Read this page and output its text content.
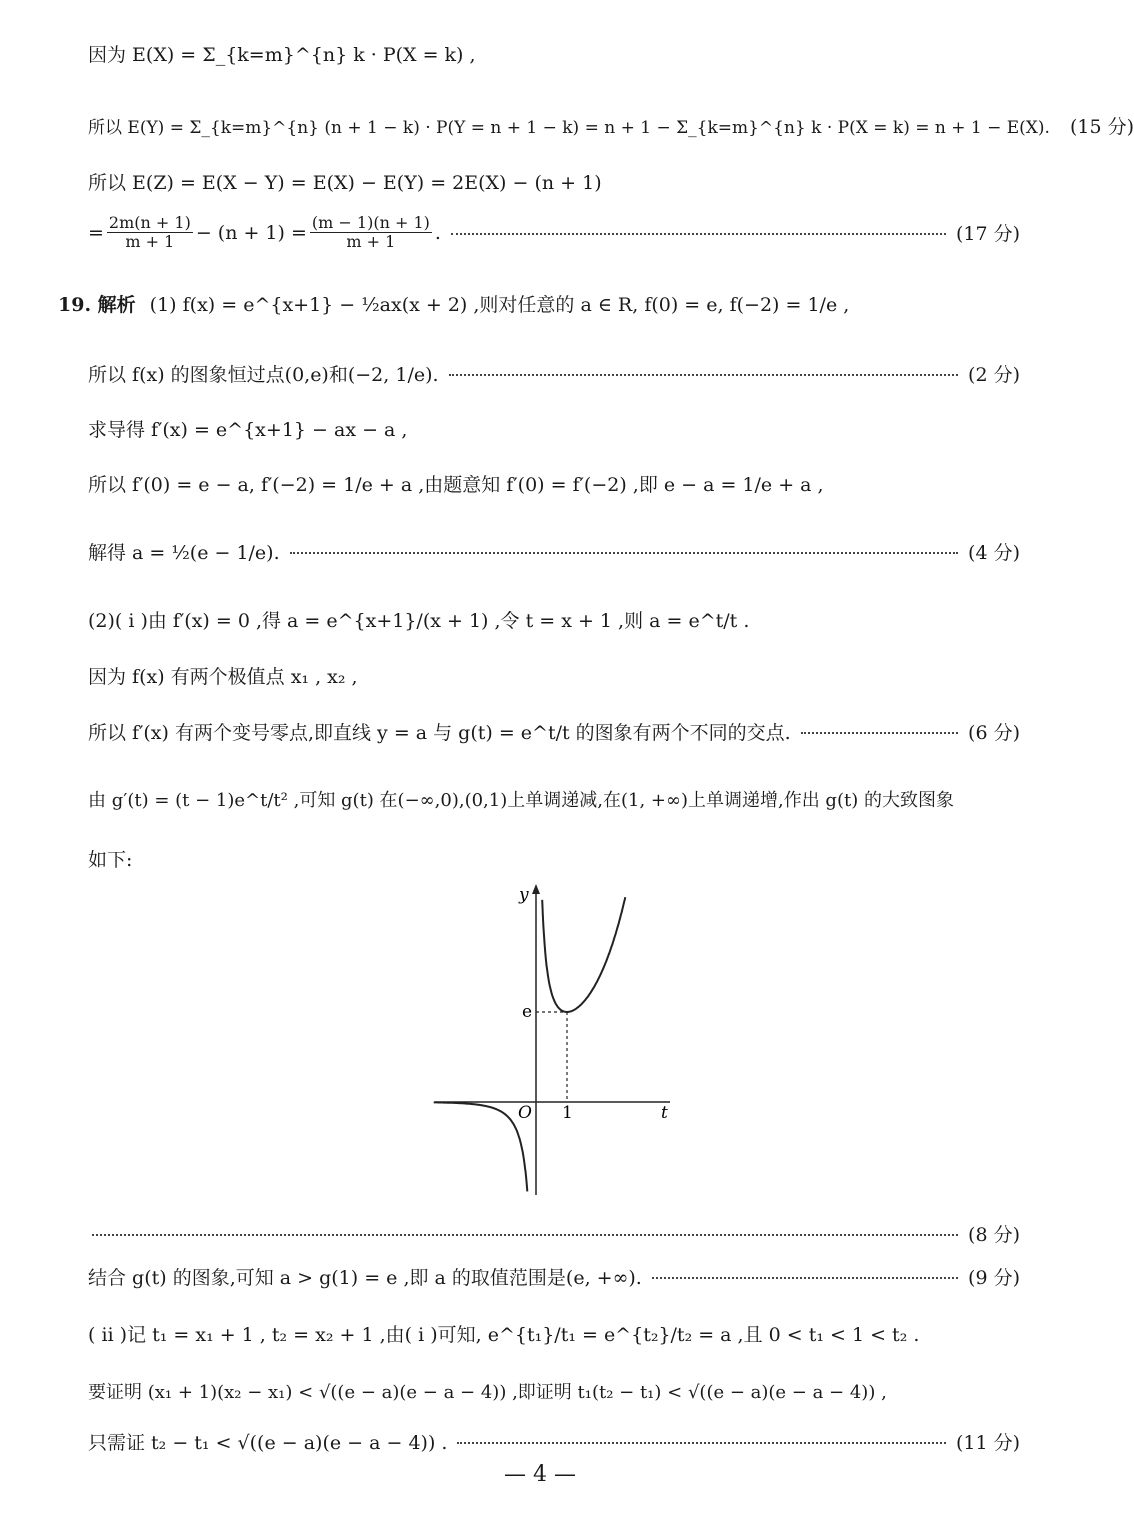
因为 E(X) = Σ_{k=m}^{n} k · P(X = k) ,
所以 E(Y) = Σ_{k=m}^{n} (n + 1 − k) · P(Y = n + 1 − k) = n + 1 − Σ_{k=m}^{n} k · P(X = k) = n + 1 − E(X). (15 分)
所以 E(Z) = E(X − Y) = E(X) − E(Y) = 2E(X) − (n + 1)
= $\frac{2m(n + 1)}{m + 1} - (n + 1) = \frac{(m - 1)(n + 1)}{m + 1}$ .	(17 分)
19. 解析 (1) f(x) = e^{x+1} − ½ax(x + 2) ,则对任意的 a ∈ R, f(0) = e, f(−2) = 1/e ,
所以 f(x) 的图象恒过点(0,e)和(−2, 1/e).	(2 分)
求导得 f′(x) = e^{x+1} − ax − a ,
所以 f′(0) = e − a, f′(−2) = 1/e + a ,由题意知 f′(0) = f′(−2) ,即 e − a = 1/e + a ,
解得 a = ½(e − 1/e).	(4 分)
(2)( ⅰ )由 f′(x) = 0 ,得 a = e^{x+1}/(x + 1) ,令 t = x + 1 ,则 a = e^t/t .
因为 f(x) 有两个极值点 x₁ , x₂ ,
所以 f′(x) 有两个变号零点,即直线 y = a 与 g(t) = e^t/t 的图象有两个不同的交点.	(6 分)
由 g′(t) = (t − 1)e^t/t² ,可知 g(t) 在(−∞,0),(0,1)上单调递减,在(1, +∞)上单调递增,作出 g(t) 的大致图象
如下:
y
t
O
e
1
(8 分)
结合 g(t) 的图象,可知 a > g(1) = e ,即 a 的取值范围是(e, +∞).	(9 分)
( ⅱ )记 t₁ = x₁ + 1 , t₂ = x₂ + 1 ,由( ⅰ )可知, e^{t₁}/t₁ = e^{t₂}/t₂ = a ,且 0 < t₁ < 1 < t₂ .
要证明 (x₁ + 1)(x₂ − x₁) < √((e − a)(e − a − 4)) ,即证明 t₁(t₂ − t₁) < √((e − a)(e − a − 4)) ,
只需证 t₂ − t₁ < √((e − a)(e − a − 4)) .	(11 分)
— 4 —
